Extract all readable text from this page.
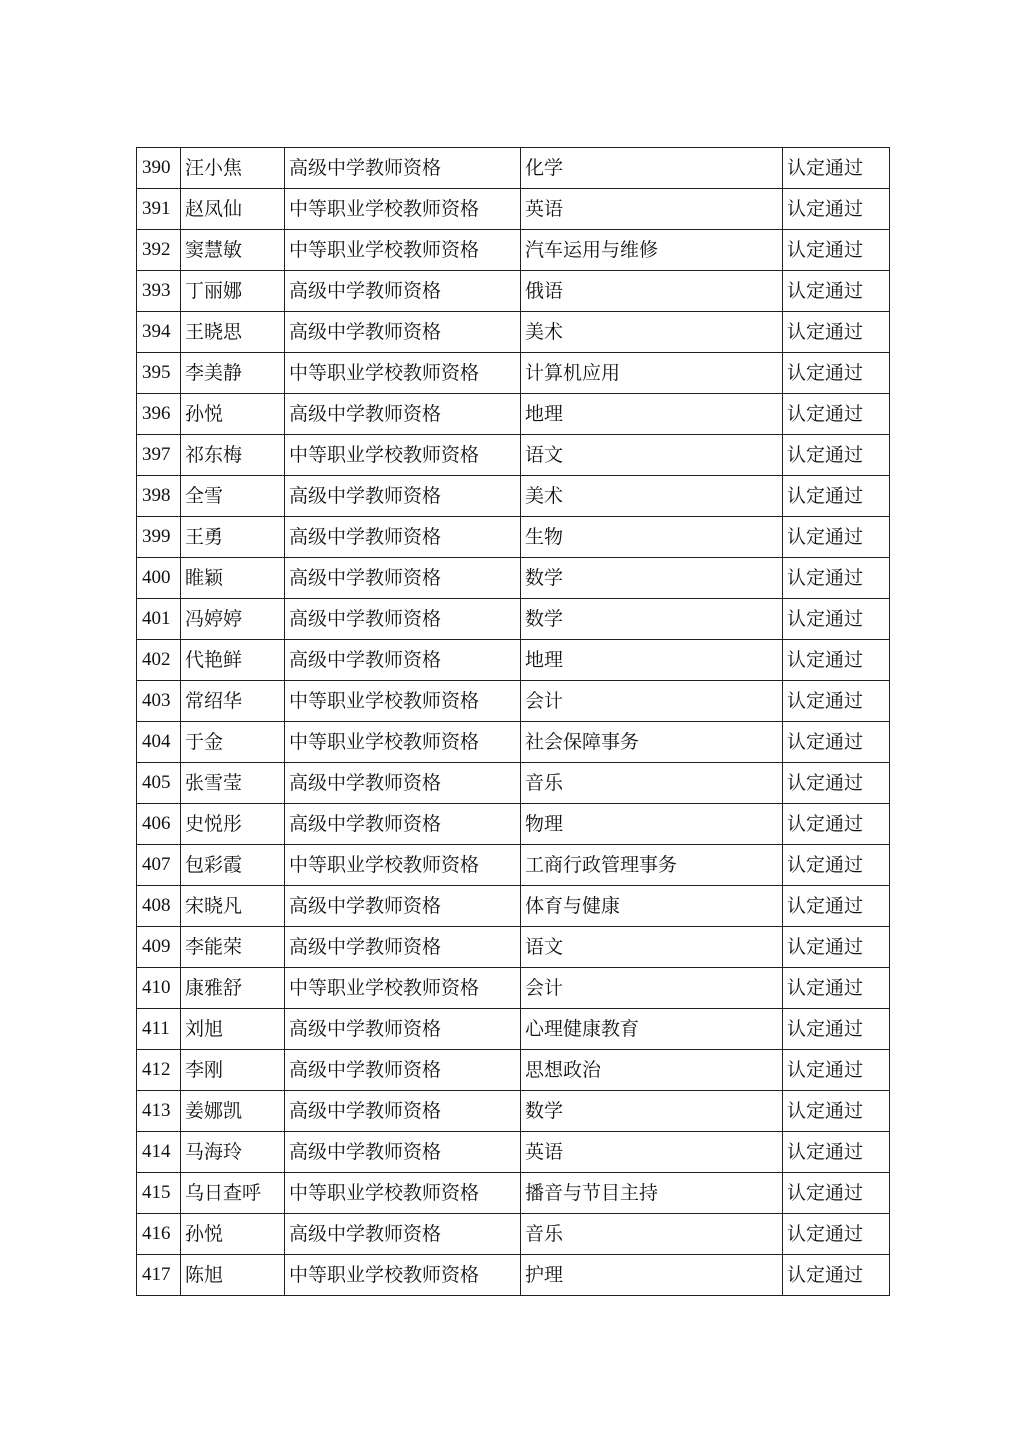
390	汪小焦	高级中学教师资格	化学	认定通过
391	赵凤仙	中等职业学校教师资格	英语	认定通过
392	窦慧敏	中等职业学校教师资格	汽车运用与维修	认定通过
393	丁丽娜	高级中学教师资格	俄语	认定通过
394	王晓思	高级中学教师资格	美术	认定通过
395	李美静	中等职业学校教师资格	计算机应用	认定通过
396	孙悦	高级中学教师资格	地理	认定通过
397	祁东梅	中等职业学校教师资格	语文	认定通过
398	全雪	高级中学教师资格	美术	认定通过
399	王勇	高级中学教师资格	生物	认定通过
400	睢颖	高级中学教师资格	数学	认定通过
401	冯婷婷	高级中学教师资格	数学	认定通过
402	代艳鲜	高级中学教师资格	地理	认定通过
403	常绍华	中等职业学校教师资格	会计	认定通过
404	于金	中等职业学校教师资格	社会保障事务	认定通过
405	张雪莹	高级中学教师资格	音乐	认定通过
406	史悦彤	高级中学教师资格	物理	认定通过
407	包彩霞	中等职业学校教师资格	工商行政管理事务	认定通过
408	宋晓凡	高级中学教师资格	体育与健康	认定通过
409	李能荣	高级中学教师资格	语文	认定通过
410	康雅舒	中等职业学校教师资格	会计	认定通过
411	刘旭	高级中学教师资格	心理健康教育	认定通过
412	李刚	高级中学教师资格	思想政治	认定通过
413	姜娜凯	高级中学教师资格	数学	认定通过
414	马海玲	高级中学教师资格	英语	认定通过
415	乌日查呼	中等职业学校教师资格	播音与节目主持	认定通过
416	孙悦	高级中学教师资格	音乐	认定通过
417	陈旭	中等职业学校教师资格	护理	认定通过
